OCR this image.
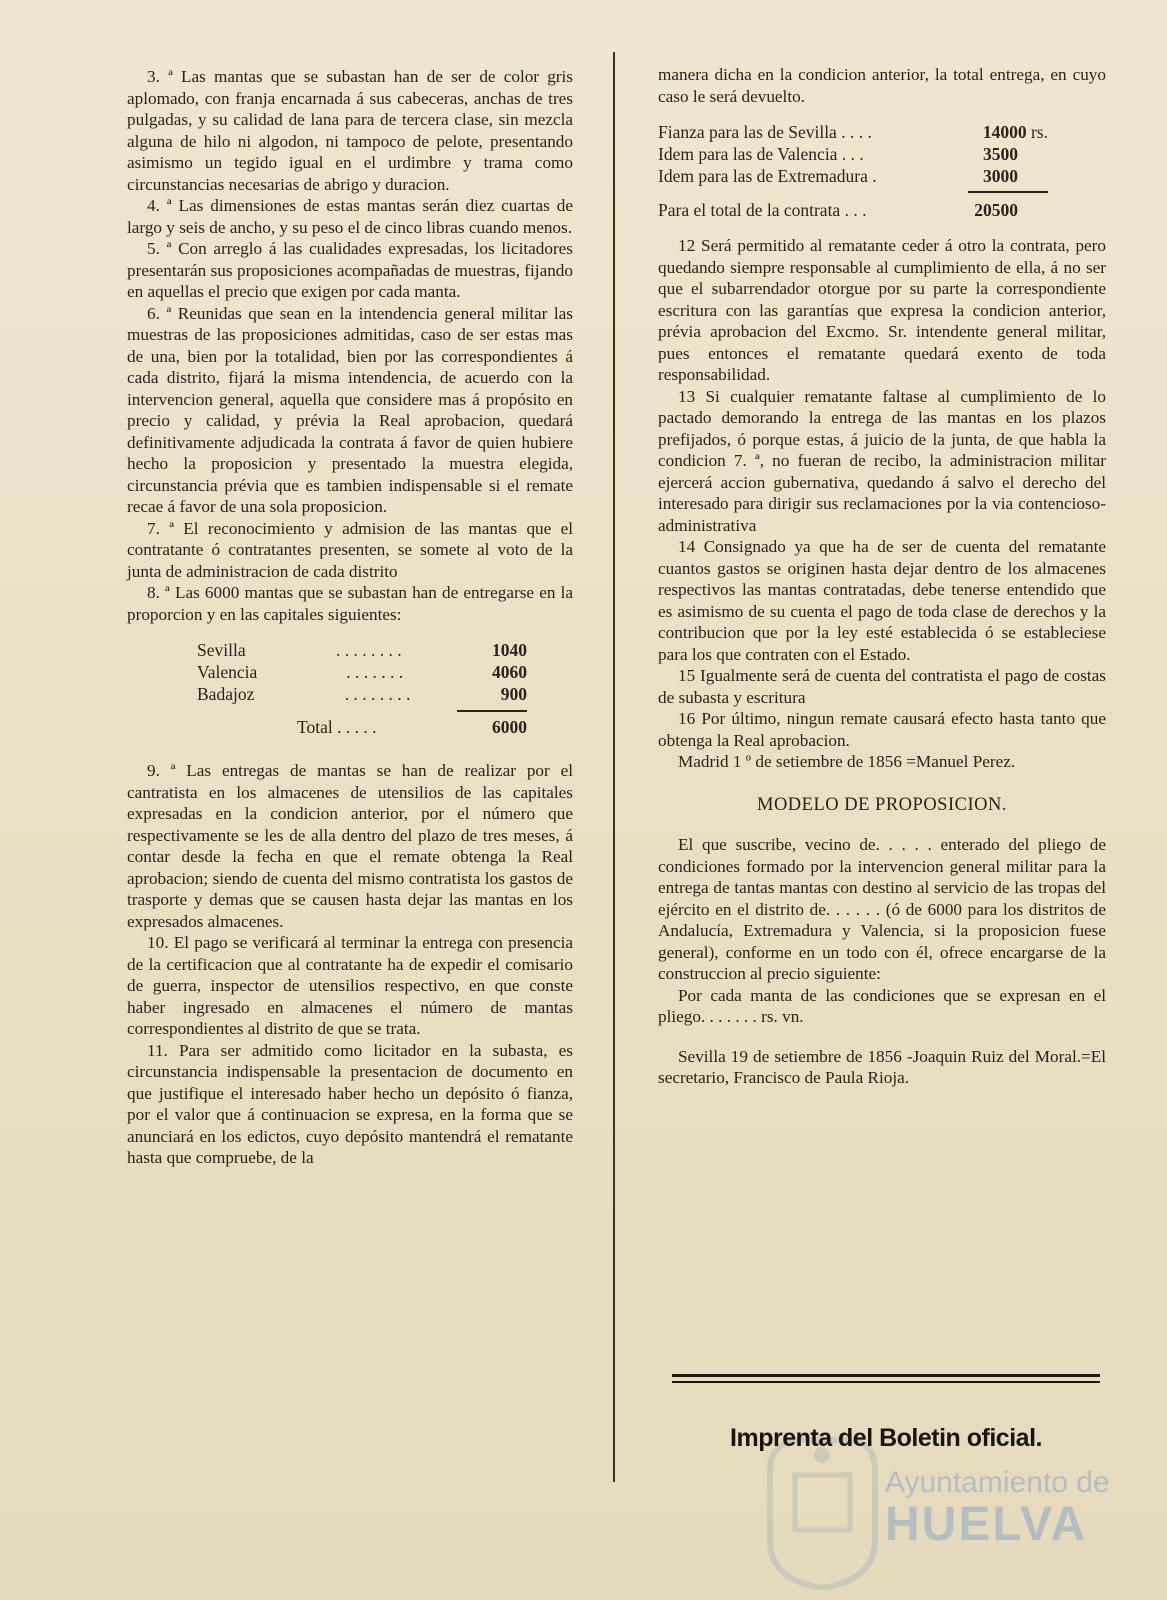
3. ª Las mantas que se subastan han de ser de color gris aplomado, con franja encarnada á sus cabeceras, anchas de tres pulgadas, y su calidad de lana para de tercera clase, sin mezcla alguna de hilo ni algodon, ni tampoco de pelote, presentando asimismo un tegido igual en el urdimbre y trama como circunstancias necesarias de abrigo y duracion.

4. ª Las dimensiones de estas mantas serán diez cuartas de largo y seis de ancho, y su peso el de cinco libras cuando menos.

5. ª Con arreglo á las cualidades expresadas, los licitadores presentarán sus proposiciones acompañadas de muestras, fijando en aquellas el precio que exigen por cada manta.

6. ª Reunidas que sean en la intendencia general militar las muestras de las proposiciones admitidas, caso de ser estas mas de una, bien por la totalidad, bien por las correspondientes á cada distrito, fijará la misma intendencia, de acuerdo con la intervencion general, aquella que considere mas á propósito en precio y calidad, y prévia la Real aprobacion, quedará definitivamente adjudicada la contrata á favor de quien hubiere hecho la proposicion y presentado la muestra elegida, circunstancia prévia que es tambien indispensable si el remate recae á favor de una sola proposicion.

7. ª El reconocimiento y admision de las mantas que el contratante ó contratantes presenten, se somete al voto de la junta de administracion de cada distrito

8. ª Las 6000 mantas que se subastan han de entregarse en la proporcion y en las capitales siguientes:

Sevilla	. . . . . . . .	1040
Valencia	. . . . . . .	4060
Badajoz	. . . . . . . .	900
Total . . . . .	6000

9. ª Las entregas de mantas se han de realizar por el cantratista en los almacenes de utensilios de las capitales expresadas en la condicion anterior, por el número que respectivamente se les de alla dentro del plazo de tres meses, á contar desde la fecha en que el remate obtenga la Real aprobacion; siendo de cuenta del mismo contratista los gastos de trasporte y demas que se causen hasta dejar las mantas en los expresados almacenes.

10. El pago se verificará al terminar la entrega con presencia de la certificacion que al contratante ha de expedir el comisario de guerra, inspector de utensilios respectivo, en que conste haber ingresado en almacenes el número de mantas correspondientes al distrito de que se trata.

11. Para ser admitido como licitador en la subasta, es circunstancia indispensable la presentacion de documento en que justifique el interesado haber hecho un depósito ó fianza, por el valor que á continuacion se expresa, en la forma que se anunciará en los edictos, cuyo depósito mantendrá el rematante hasta que compruebe, de la

manera dicha en la condicion anterior, la total entrega, en cuyo caso le será devuelto.

Fianza para las de Sevilla . . . .	14000 rs.
Idem para las de Valencia . . .	3500
Idem para las de Extremadura .	3000
Para el total de la contrata . . .	20500

12 Será permitido al rematante ceder á otro la contrata, pero quedando siempre responsable al cumplimiento de ella, á no ser que el subarrendador otorgue por su parte la correspondiente escritura con las garantías que expresa la condicion anterior, prévia aprobacion del Excmo. Sr. intendente general militar, pues entonces el rematante quedará exento de toda responsabilidad.

13 Si cualquier rematante faltase al cumplimiento de lo pactado demorando la entrega de las mantas en los plazos prefijados, ó porque estas, á juicio de la junta, de que habla la condicion 7. ª, no fueran de recibo, la administracion militar ejercerá accion gubernativa, quedando á salvo el derecho del interesado para dirigir sus reclamaciones por la via contencioso-administrativa

14 Consignado ya que ha de ser de cuenta del rematante cuantos gastos se originen hasta dejar dentro de los almacenes respectivos las mantas contratadas, debe tenerse entendido que es asimismo de su cuenta el pago de toda clase de derechos y la contribucion que por la ley esté establecida ó se estableciese para los que contraten con el Estado.

15 Igualmente será de cuenta del contratista el pago de costas de subasta y escritura

16 Por último, ningun remate causará efecto hasta tanto que obtenga la Real aprobacion.

Madrid 1 º de setiembre de 1856 =Manuel Perez.

MODELO DE PROPOSICION.

El que suscribe, vecino de. . . . . enterado del pliego de condiciones formado por la intervencion general militar para la entrega de tantas mantas con destino al servicio de las tropas del ejército en el distrito de. . . . . . (ó de 6000 para los distritos de Andalucía, Extremadura y Valencia, si la proposicion fuese general), conforme en un todo con él, ofrece encargarse de la construccion al precio siguiente:

Por cada manta de las condiciones que se expresan en el pliego. . . . . . . rs. vn.

Sevilla 19 de setiembre de 1856 -Joaquin Ruiz del Moral.=El secretario, Francisco de Paula Rioja.

Ayuntamiento de
HUELVA
Imprenta del Boletin oficial.
